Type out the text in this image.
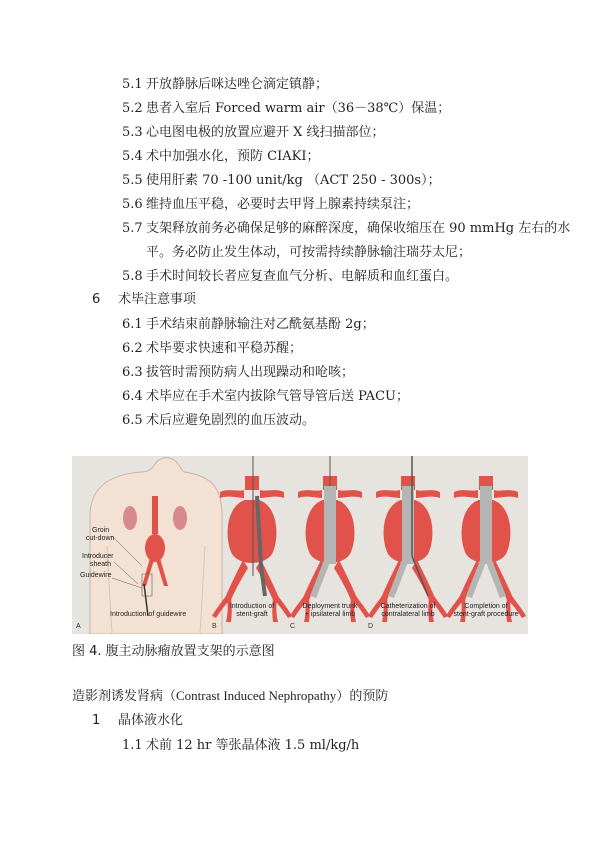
5.1 开放静脉后咪达唑仑滴定镇静；
5.2 患者入室后 Forced warm air（36－38℃）保温；
5.3 心电图电极的放置应避开 X 线扫描部位；
5.4 术中加强水化，预防 CIAKI；
5.5 使用肝素 70 -100 unit/kg （ACT 250 - 300s）；
5.6 维持血压平稳，必要时去甲肾上腺素持续泵注；
5.7 支架释放前务必确保足够的麻醉深度，确保收缩压在 90 mmHg 左右的水
平。务必防止发生体动，可按需持续静脉输注瑞芬太尼；
5.8 手术时间较长者应复查血气分析、电解质和血红蛋白。
6 术毕注意事项
6.1 手术结束前静脉输注对乙酰氨基酚 2g；
6.2 术毕要求快速和平稳苏醒；
6.3 拔管时需预防病人出现躁动和呛咳；
6.4 术毕应在手术室内拔除气管导管后送 PACU；
6.5 术后应避免剧烈的血压波动。
Groin
cut-down
Introducer
sheath
Guidewire
Introduction of guidewire
A
Introduction of
stent-graft
B
Deployment trunk
+ ipsilateral limb
C
Catheterization of
contralateral limb
D
Completion of
stent-graft procedure
图 4. 腹主动脉瘤放置支架的示意图
造影剂诱发肾病（Contrast Induced Nephropathy）的预防
1 晶体液水化
1.1 术前 12 hr 等张晶体液 1.5 ml/kg/h
